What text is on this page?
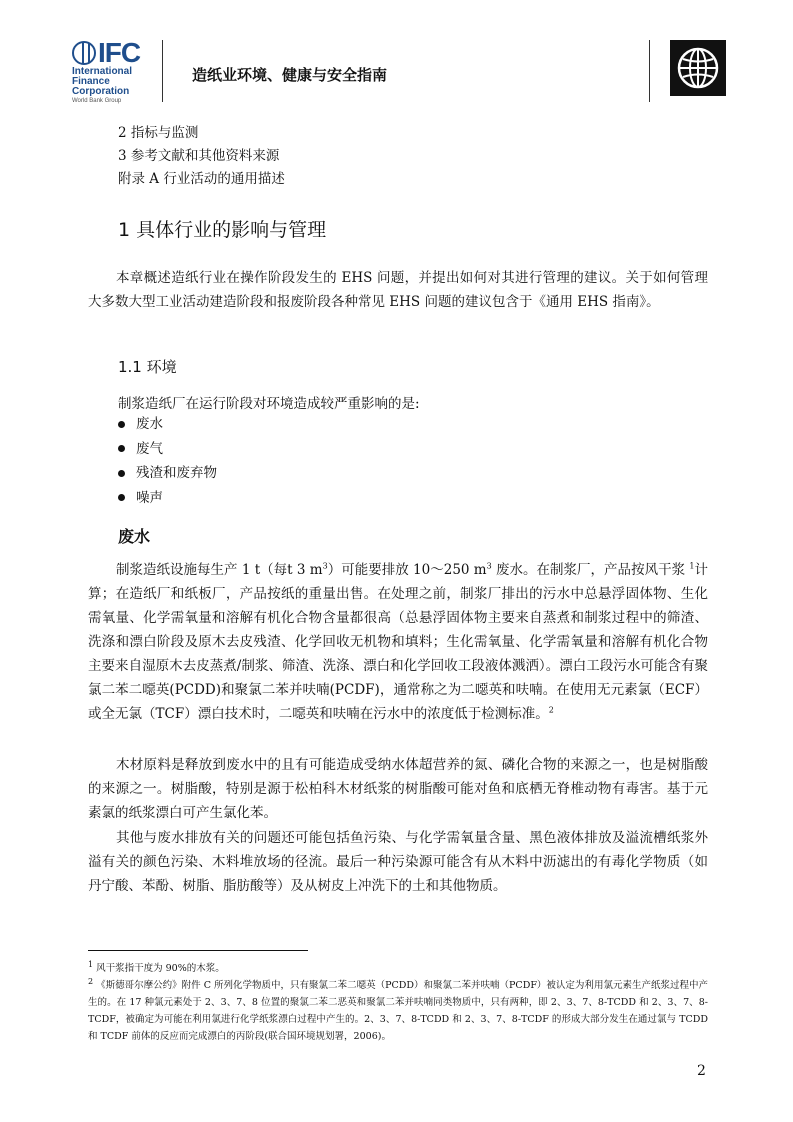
IFC
International
Finance
Corporation
World Bank Group
造纸业环境、健康与安全指南
2 指标与监测
3 参考文献和其他资料来源
附录 A 行业活动的通用描述
1 具体行业的影响与管理

本章概述造纸行业在操作阶段发生的 EHS 问题，并提出如何对其进行管理的建议。关于如何管理大多数大型工业活动建造阶段和报废阶段各种常见 EHS 问题的建议包含于《通用 EHS 指南》。

1.1 环境
制浆造纸厂在运行阶段对环境造成较严重影响的是:
废水
废气
残渣和废弃物
噪声
废水

制浆造纸设施每生产 1 t（每t 3 $m^3$）可能要排放 10～250 $m^3$ 废水。在制浆厂，产品按风干浆 $^1$计算；在造纸厂和纸板厂，产品按纸的重量出售。在处理之前，制浆厂排出的污水中总悬浮固体物、生化需氧量、化学需氧量和溶解有机化合物含量都很高（总悬浮固体物主要来自蒸煮和制浆过程中的筛渣、洗涤和漂白阶段及原木去皮残渣、化学回收无机物和填料；生化需氧量、化学需氧量和溶解有机化合物主要来自湿原木去皮蒸煮/制浆、筛渣、洗涤、漂白和化学回收工段液体溅洒）。漂白工段污水可能含有聚氯二苯二噁英(PCDD)和聚氯二苯并呋喃(PCDF)，通常称之为二噁英和呋喃。在使用无元素氯（ECF）或全无氯（TCF）漂白技术时，二噁英和呋喃在污水中的浓度低于检测标准。$^2$

木材原料是释放到废水中的且有可能造成受纳水体超营养的氮、磷化合物的来源之一，也是树脂酸的来源之一。树脂酸，特别是源于松柏科木材纸浆的树脂酸可能对鱼和底栖无脊椎动物有毒害。基于元素氯的纸浆漂白可产生氯化苯。

其他与废水排放有关的问题还可能包括鱼污染、与化学需氧量含量、黑色液体排放及溢流槽纸浆外溢有关的颜色污染、木料堆放场的径流。最后一种污染源可能含有从木料中沥滤出的有毒化学物质（如丹宁酸、苯酚、树脂、脂肪酸等）及从树皮上冲洗下的土和其他物质。

$^1$ 风干浆指干度为 90%的木浆。

$^2$ 《斯德哥尔摩公约》附件 C 所列化学物质中，只有聚氯二苯二噁英（PCDD）和聚氯二苯并呋喃（PCDF）被认定为利用氯元素生产纸浆过程中产生的。在 17 种氯元素处于 2、3、7、8 位置的聚氯二苯二恶英和聚氯二苯并呋喃同类物质中，只有两种，即 2、3、7、8-TCDD 和 2、3、7、8-TCDF，被确定为可能在利用氯进行化学纸浆漂白过程中产生的。2、3、7、8-TCDD 和 2、3、7、8-TCDF 的形成大部分发生在通过氯与 TCDD 和 TCDF 前体的反应而完成漂白的丙阶段(联合国环境规划署，2006)。

2
